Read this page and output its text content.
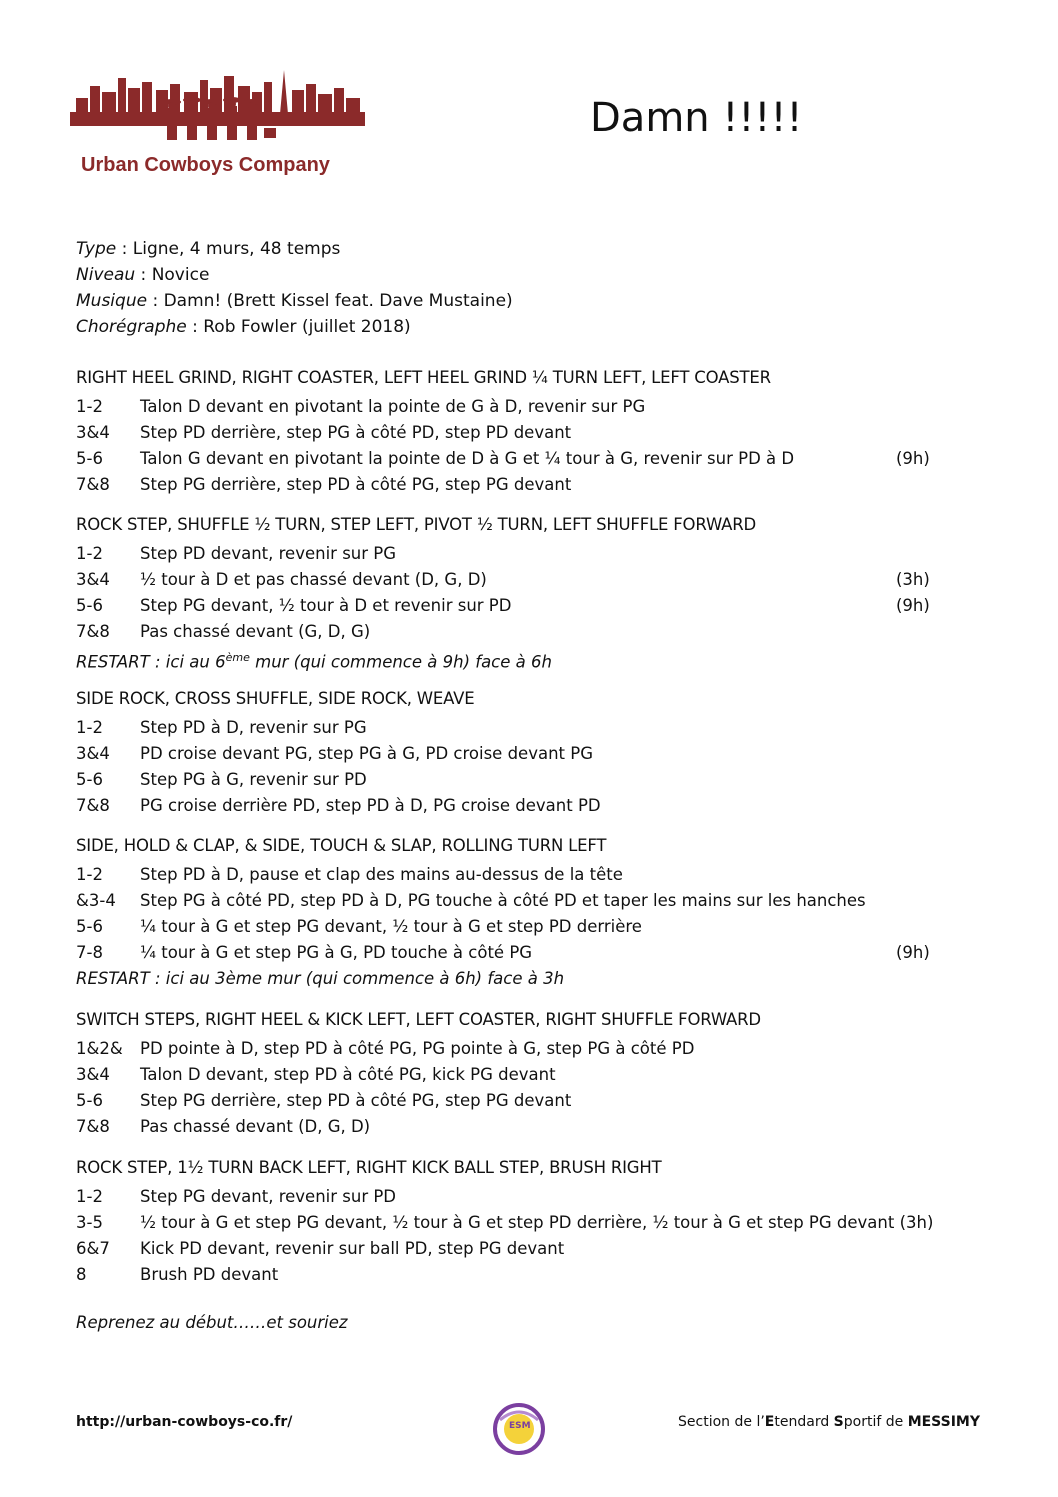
Urban Cowboys Company
Damn !!!!!
Type : Ligne, 4 murs, 48 temps
Niveau : Novice
Musique : Damn! (Brett Kissel feat. Dave Mustaine)
Chorégraphe : Rob Fowler (juillet 2018)
RIGHT HEEL GRIND, RIGHT COASTER, LEFT HEEL GRIND ¼ TURN LEFT, LEFT COASTER
1-2 Talon D devant en pivotant la pointe de G à D, revenir sur PG
3&4 Step PD derrière, step PG à côté PD, step PD devant
5-6 Talon G devant en pivotant la pointe de D à G et ¼ tour à G, revenir sur PD à D	(9h)
7&8 Step PG derrière, step PD à côté PG, step PG devant
ROCK STEP, SHUFFLE ½ TURN, STEP LEFT, PIVOT ½ TURN, LEFT SHUFFLE FORWARD
1-2 Step PD devant, revenir sur PG
3&4 ½ tour à D et pas chassé devant (D, G, D)	(3h)
5-6 Step PG devant, ½ tour à D et revenir sur PD	(9h)
7&8 Pas chassé devant (G, D, G)
RESTART : ici au 6ème mur (qui commence à 9h) face à 6h
SIDE ROCK, CROSS SHUFFLE, SIDE ROCK, WEAVE
1-2 Step PD à D, revenir sur PG
3&4 PD croise devant PG, step PG à G, PD croise devant PG
5-6 Step PG à G, revenir sur PD
7&8 PG croise derrière PD, step PD à D, PG croise devant PD
SIDE, HOLD & CLAP, & SIDE, TOUCH & SLAP, ROLLING TURN LEFT
1-2 Step PD à D, pause et clap des mains au-dessus de la tête
&3-4 Step PG à côté PD, step PD à D, PG touche à côté PD et taper les mains sur les hanches
5-6 ¼ tour à G et step PG devant, ½ tour à G et step PD derrière
7-8 ¼ tour à G et step PG à G, PD touche à côté PG	(9h)
RESTART : ici au 3ème mur (qui commence à 6h) face à 3h
SWITCH STEPS, RIGHT HEEL & KICK LEFT, LEFT COASTER, RIGHT SHUFFLE FORWARD
1&2& PD pointe à D, step PD à côté PG, PG pointe à G, step PG à côté PD
3&4 Talon D devant, step PD à côté PG, kick PG devant
5-6 Step PG derrière, step PD à côté PG, step PG devant
7&8 Pas chassé devant (D, G, D)
ROCK STEP, 1½ TURN BACK LEFT, RIGHT KICK BALL STEP, BRUSH RIGHT
1-2 Step PG devant, revenir sur PD
3-5 ½ tour à G et step PG devant, ½ tour à G et step PD derrière, ½ tour à G et step PG devant (3h)
6&7 Kick PD devant, revenir sur ball PD, step PG devant
8	Brush PD devant
Reprenez au début……et souriez
http://urban-cowboys-co.fr/	ESM	Section de l’Etendard Sportif de MESSIMY
